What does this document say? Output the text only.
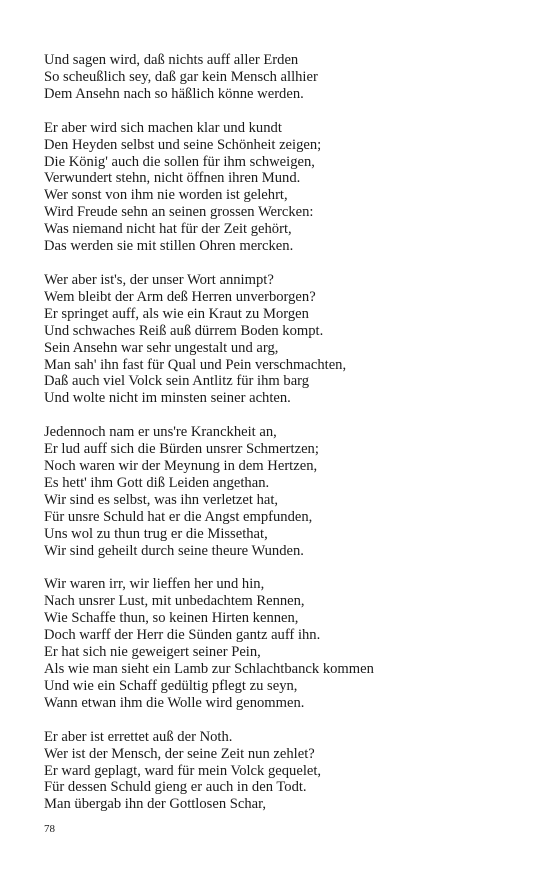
Und sagen wird, daß nichts auff aller Erden
So scheußlich sey, daß gar kein Mensch allhier
Dem Ansehn nach so häßlich könne werden.
Er aber wird sich machen klar und kundt
Den Heyden selbst und seine Schönheit zeigen;
Die König' auch die sollen für ihm schweigen,
Verwundert stehn, nicht öffnen ihren Mund.
Wer sonst von ihm nie worden ist gelehrt,
Wird Freude sehn an seinen grossen Wercken:
Was niemand nicht hat für der Zeit gehört,
Das werden sie mit stillen Ohren mercken.
Wer aber ist's, der unser Wort annimpt?
Wem bleibt der Arm deß Herren unverborgen?
Er springet auff, als wie ein Kraut zu Morgen
Und schwaches Reiß auß dürrem Boden kompt.
Sein Ansehn war sehr ungestalt und arg,
Man sah' ihn fast für Qual und Pein verschmachten,
Daß auch viel Volck sein Antlitz für ihm barg
Und wolte nicht im minsten seiner achten.
Jedennoch nam er uns're Kranckheit an,
Er lud auff sich die Bürden unsrer Schmertzen;
Noch waren wir der Meynung in dem Hertzen,
Es hett' ihm Gott diß Leiden angethan.
Wir sind es selbst, was ihn verletzet hat,
Für unsre Schuld hat er die Angst empfunden,
Uns wol zu thun trug er die Missethat,
Wir sind geheilt durch seine theure Wunden.
Wir waren irr, wir lieffen her und hin,
Nach unsrer Lust, mit unbedachtem Rennen,
Wie Schaffe thun, so keinen Hirten kennen,
Doch warff der Herr die Sünden gantz auff ihn.
Er hat sich nie geweigert seiner Pein,
Als wie man sieht ein Lamb zur Schlachtbanck kommen
Und wie ein Schaff gedültig pflegt zu seyn,
Wann etwan ihm die Wolle wird genommen.
Er aber ist errettet auß der Noth.
Wer ist der Mensch, der seine Zeit nun zehlet?
Er ward geplagt, ward für mein Volck gequelet,
Für dessen Schuld gieng er auch in den Todt.
Man übergab ihn der Gottlosen Schar,
78
